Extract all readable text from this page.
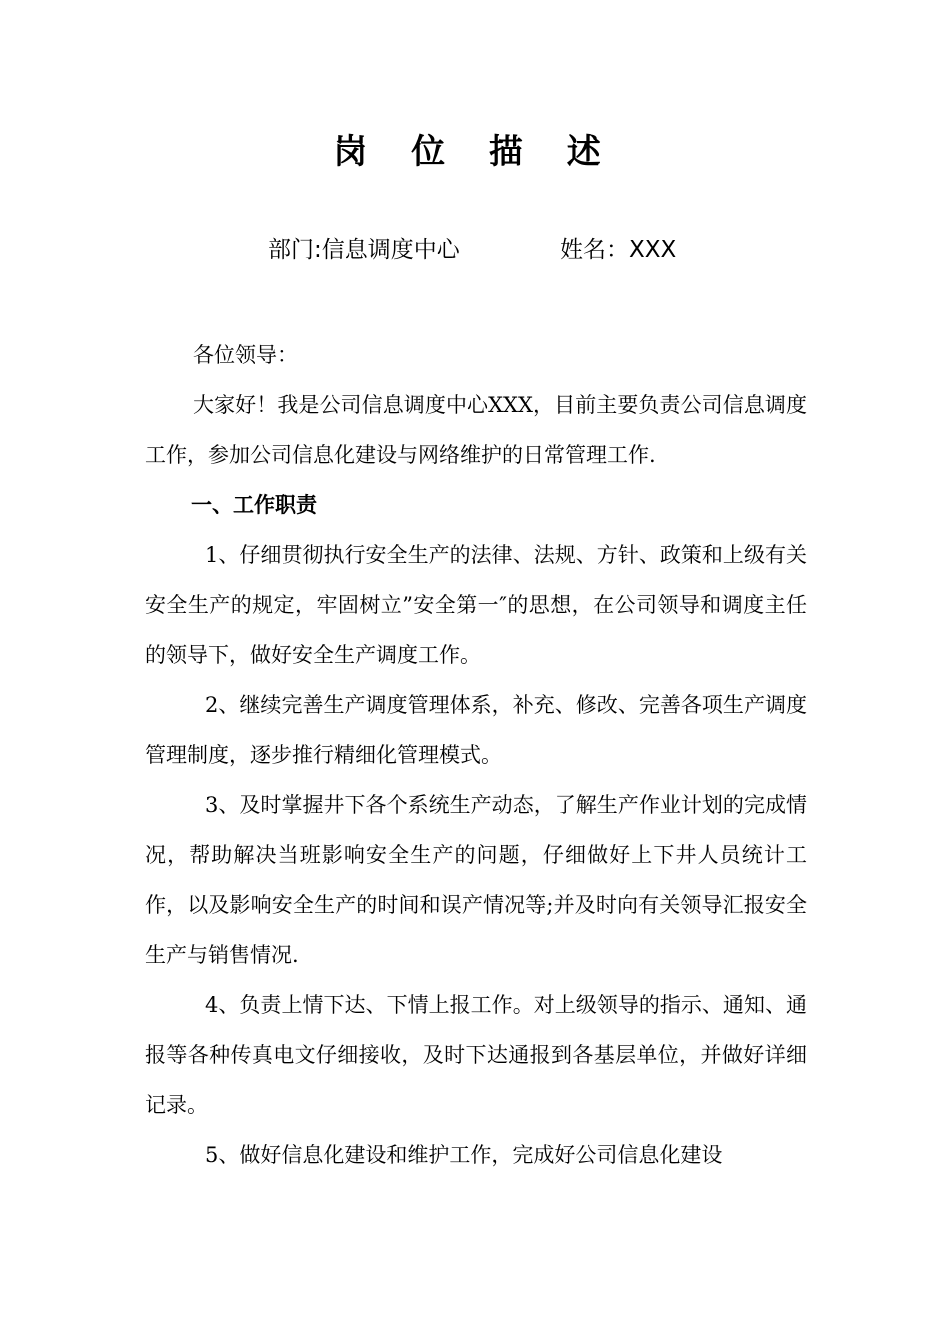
岗 位 描 述
部门:信息调度中心	姓名：XXX

各位领导：

大家好！我是公司信息调度中心XXX，目前主要负责公司信息调度工作，参加公司信息化建设与网络维护的日常管理工作.

一、工作职责

1、仔细贯彻执行安全生产的法律、法规、方针、政策和上级有关安全生产的规定，牢固树立”安全第一″的思想，在公司领导和调度主任的领导下，做好安全生产调度工作。

2、继续完善生产调度管理体系，补充、修改、完善各项生产调度管理制度，逐步推行精细化管理模式。

3、及时掌握井下各个系统生产动态，了解生产作业计划的完成情况，帮助解决当班影响安全生产的问题，仔细做好上下井人员统计工作，以及影响安全生产的时间和误产情况等;并及时向有关领导汇报安全生产与销售情况.

4、负责上情下达、下情上报工作。对上级领导的指示、通知、通报等各种传真电文仔细接收，及时下达通报到各基层单位，并做好详细记录。

5、做好信息化建设和维护工作，完成好公司信息化建设
